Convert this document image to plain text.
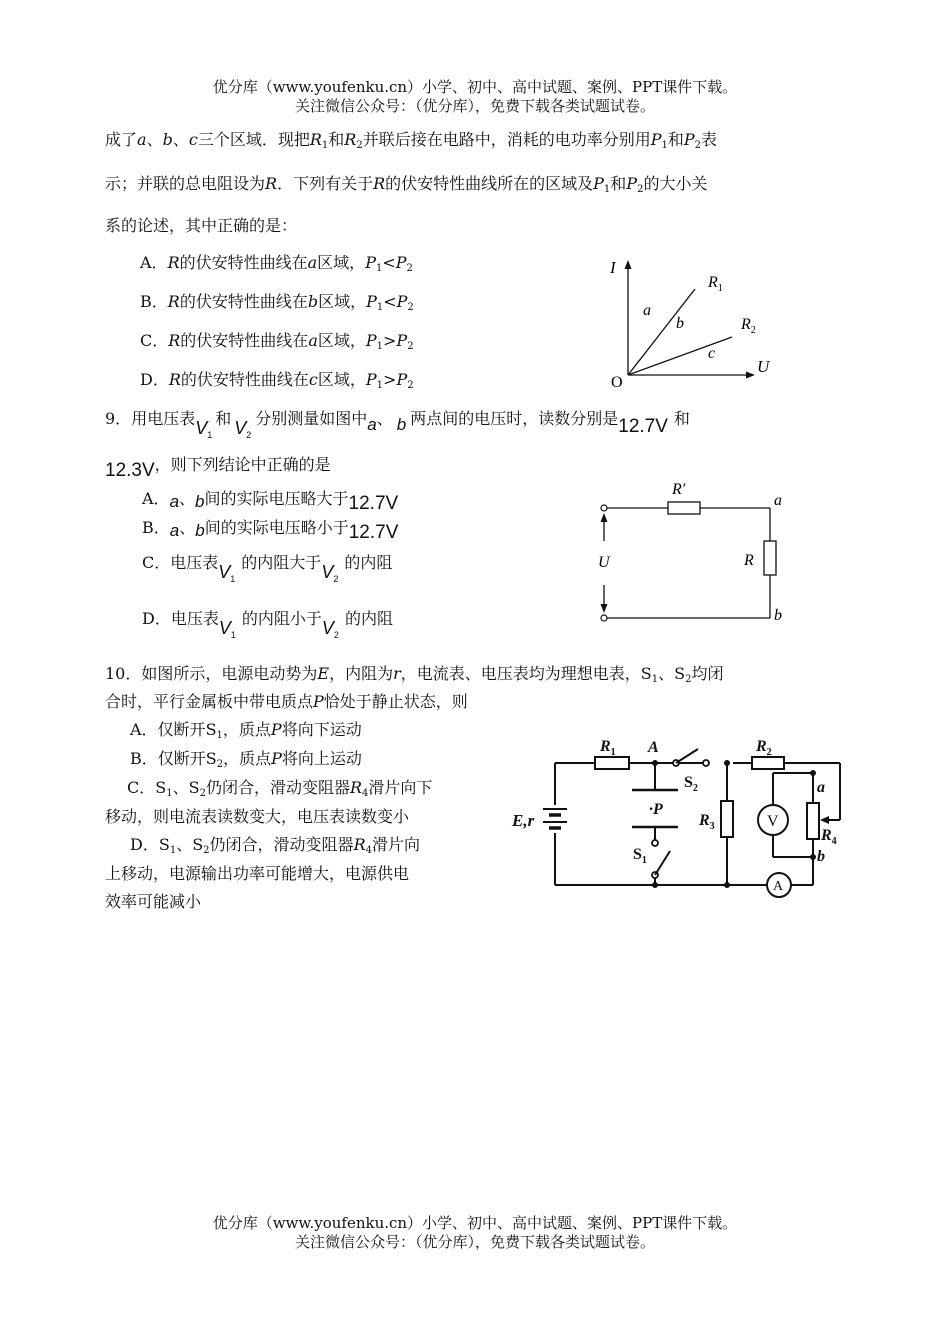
优分库（www.youfenku.cn）小学、初中、高中试题、案例、PPT课件下载。
关注微信公众号：（优分库），免费下载各类试题试卷。
成了a、b、c三个区域．现把$R_1$和$R_2$并联后接在电路中，消耗的电功率分别用$P_1$和$P_2$表
示；并联的总电阻设为R．下列有关于R的伏安特性曲线所在的区域及$P_1$和$P_2$的大小关
系的论述，其中正确的是：
A．R的伏安特性曲线在a区域，$P_1<P_2$
B．R的伏安特性曲线在b区域，$P_1<P_2$
C．R的伏安特性曲线在a区域，$P_1>P_2$
D．R的伏安特性曲线在c区域，$P_1>P_2$
I
U
O
$R_1$
$R_2$
a
b
c
9．用电压表$V_1$和 $V_2$分别测量如图中a、 b 两点间的电压时，读数分别是12.7V 和
12.3V，则下列结论中正确的是
A．a、b间的实际电压略大于12.7V
B．a、b间的实际电压略小于12.7V
C．电压表$V_1$的内阻大于$V_2$的内阻
D．电压表$V_1$的内阻小于$V_2$的内阻
R′
R
U
a
b
10．如图所示，电源电动势为E，内阻为r，电流表、电压表均为理想电表，$S_1$、$S_2$均闭
合时，平行金属板中带电质点P恰处于静止状态，则
A．仅断开$S_1$，质点P将向下运动
B．仅断开$S_2$，质点P将向上运动
C．$S_1$、$S_2$仍闭合，滑动变阻器$R_4$滑片向下
移动，则电流表读数变大，电压表读数变小
D．$S_1$、$S_2$仍闭合，滑动变阻器$R_4$滑片向
上移动，电源输出功率可能增大，电源供电
效率可能减小
$R_1$ A	$R_2$
$S_2$
E,r
·P
$R_3$	V
a
$R_4$
b
$S_1$
A
优分库（www.youfenku.cn）小学、初中、高中试题、案例、PPT课件下载。
关注微信公众号：（优分库），免费下载各类试题试卷。
